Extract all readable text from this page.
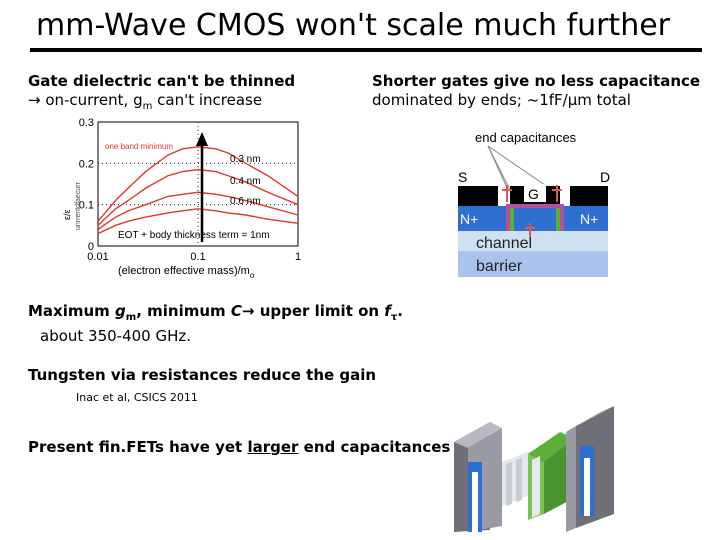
mm-Wave CMOS won't scale much further
Gate dielectric can't be thinned
→ on-current, $g_m$ can't increase
Shorter gates give no less capacitance
dominated by ends; ~1fF/µm total
0
0.1
0.2
0.3
0.01	0.1	1
one band minimum
0.3 nm
0.4 nm
0.6 nm
EOT + body thickness term = 1nm
(electron effective $mass)/m_o$
ε/ε unrrentdfaecurr
end capacitances
S
G
D
N+	N+
channel
barrier
Maximum $g_m$, minimum C→ upper limit on $f_\tau$.
about 350-400 GHz.
Tungsten via resistances reduce the gain
Inac et al, CSICS 2011
Present fin.FETs have yet larger end capacitances
